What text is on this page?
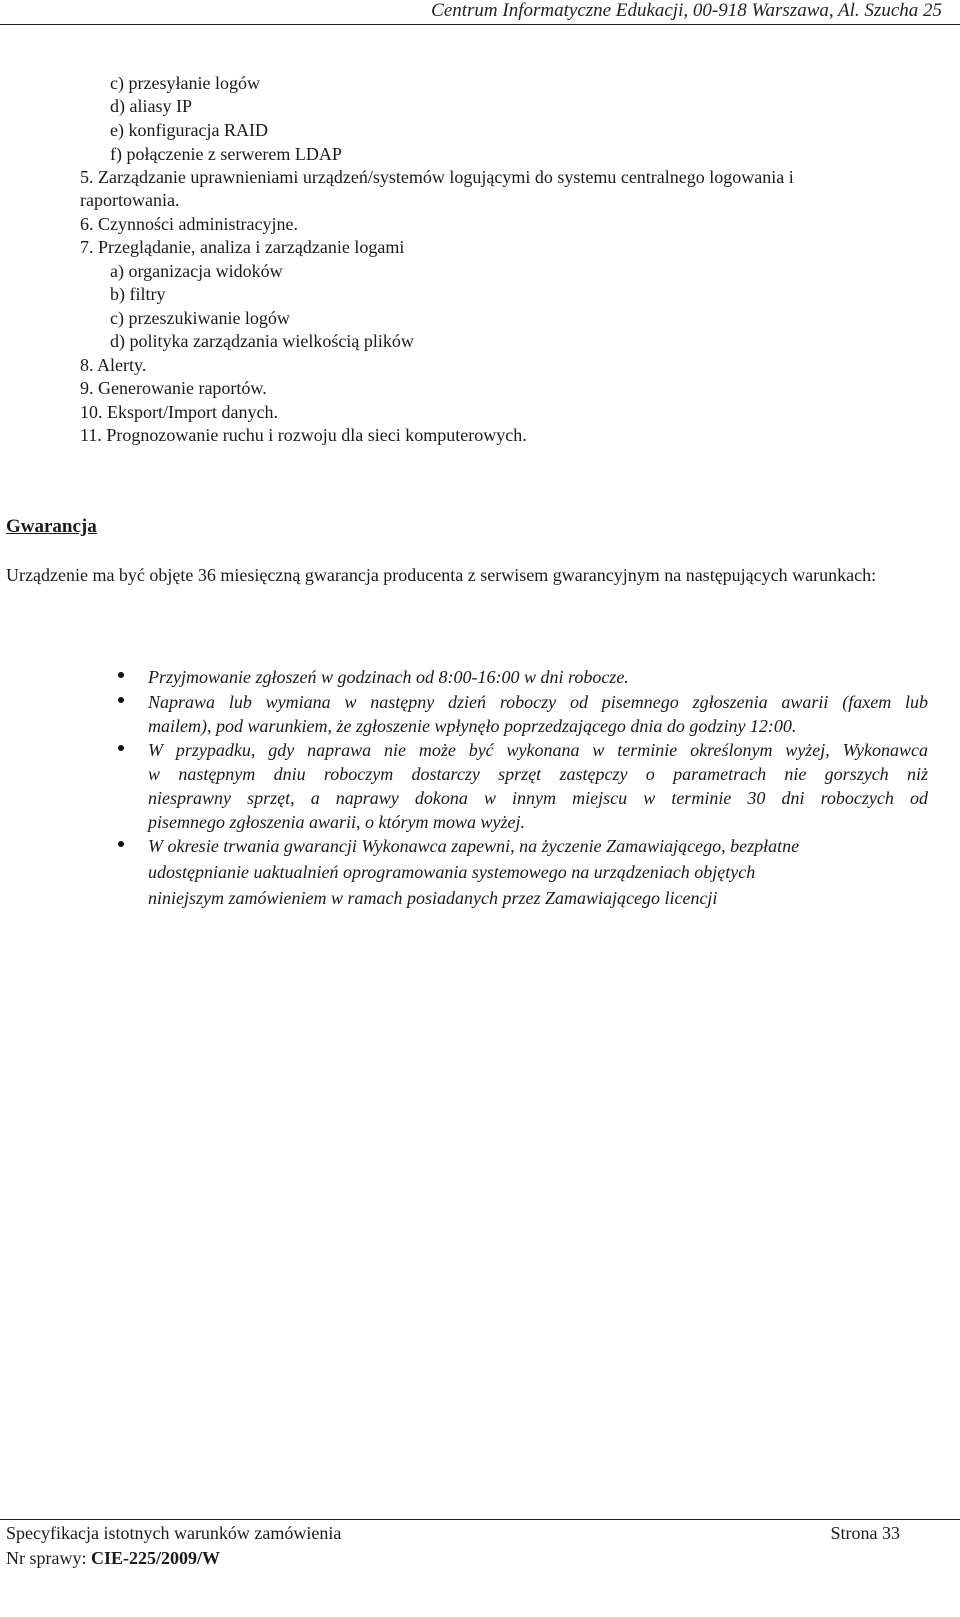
Centrum Informatyczne Edukacji, 00-918 Warszawa, Al. Szucha 25
c) przesyłanie logów
d) aliasy IP
e) konfiguracja RAID
f) połączenie z serwerem LDAP
5. Zarządzanie uprawnieniami urządzeń/systemów logującymi do systemu centralnego logowania i
raportowania.
6. Czynności administracyjne.
7. Przeglądanie, analiza i zarządzanie logami
a) organizacja widoków
b) filtry
c) przeszukiwanie logów
d) polityka zarządzania wielkością plików
8. Alerty.
9. Generowanie raportów.
10. Eksport/Import danych.
11. Prognozowanie ruchu i rozwoju dla sieci komputerowych.
Gwarancja
Urządzenie ma być objęte 36 miesięczną gwarancja producenta z serwisem gwarancyjnym na następujących warunkach:
Przyjmowanie zgłoszeń w godzinach od 8:00-16:00 w dni robocze.
Naprawa lub wymiana w następny dzień roboczy od pisemnego zgłoszenia awarii (faxem lub
mailem), pod warunkiem, że zgłoszenie wpłynęło poprzedzającego dnia do godziny 12:00.
W przypadku, gdy naprawa nie może być wykonana w terminie określonym wyżej, Wykonawca
w następnym dniu roboczym dostarczy sprzęt zastępczy o parametrach nie gorszych niż
niesprawny sprzęt, a naprawy dokona w innym miejscu w terminie 30 dni roboczych od
pisemnego zgłoszenia awarii, o którym mowa wyżej.
W okresie trwania gwarancji Wykonawca zapewni, na życzenie Zamawiającego, bezpłatne
udostępnianie uaktualnień oprogramowania systemowego na urządzeniach objętych
niniejszym zamówieniem w ramach posiadanych przez Zamawiającego licencji
Specyfikacja istotnych warunków zamówienia	Strona 33
Nr sprawy: CIE-225/2009/W
